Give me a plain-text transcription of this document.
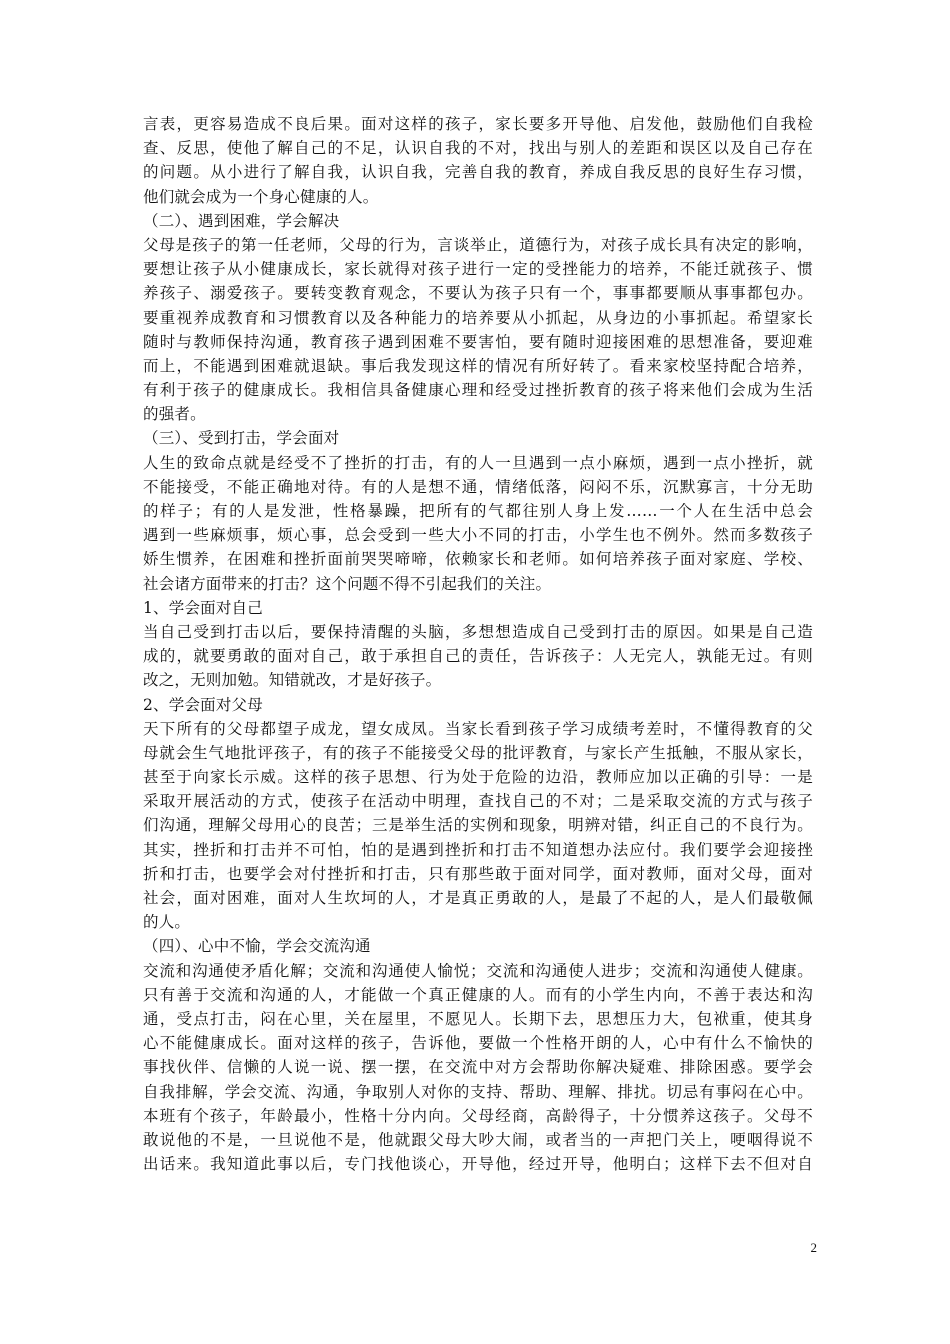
言表，更容易造成不良后果。面对这样的孩子，家长要多开导他、启发他，鼓励他们自我检
查、反思，使他了解自己的不足，认识自我的不对，找出与别人的差距和误区以及自己存在
的问题。从小进行了解自我，认识自我，完善自我的教育，养成自我反思的良好生存习惯，
他们就会成为一个身心健康的人。
（二）、遇到困难，学会解决
父母是孩子的第一任老师，父母的行为，言谈举止，道德行为，对孩子成长具有决定的影响，
要想让孩子从小健康成长，家长就得对孩子进行一定的受挫能力的培养，不能迁就孩子、惯
养孩子、溺爱孩子。要转变教育观念，不要认为孩子只有一个，事事都要顺从事事都包办。
要重视养成教育和习惯教育以及各种能力的培养要从小抓起，从身边的小事抓起。希望家长
随时与教师保持沟通，教育孩子遇到困难不要害怕，要有随时迎接困难的思想准备，要迎难
而上，不能遇到困难就退缺。事后我发现这样的情况有所好转了。看来家校坚持配合培养，
有利于孩子的健康成长。我相信具备健康心理和经受过挫折教育的孩子将来他们会成为生活
的强者。
（三）、受到打击，学会面对
人生的致命点就是经受不了挫折的打击，有的人一旦遇到一点小麻烦，遇到一点小挫折，就
不能接受，不能正确地对待。有的人是想不通，情绪低落，闷闷不乐，沉默寡言，十分无助
的样子；有的人是发泄，性格暴躁，把所有的气都往别人身上发……一个人在生活中总会
遇到一些麻烦事，烦心事，总会受到一些大小不同的打击，小学生也不例外。然而多数孩子
娇生惯养，在困难和挫折面前哭哭啼啼，依赖家长和老师。如何培养孩子面对家庭、学校、
社会诸方面带来的打击？这个问题不得不引起我们的关注。
1、学会面对自己
当自己受到打击以后，要保持清醒的头脑，多想想造成自己受到打击的原因。如果是自己造
成的，就要勇敢的面对自己，敢于承担自己的责任，告诉孩子：人无完人，孰能无过。有则
改之，无则加勉。知错就改，才是好孩子。
2、学会面对父母
天下所有的父母都望子成龙，望女成凤。当家长看到孩子学习成绩考差时，不懂得教育的父
母就会生气地批评孩子，有的孩子不能接受父母的批评教育，与家长产生抵触，不服从家长，
甚至于向家长示威。这样的孩子思想、行为处于危险的边沿，教师应加以正确的引导：一是
采取开展活动的方式，使孩子在活动中明理，查找自己的不对；二是采取交流的方式与孩子
们沟通，理解父母用心的良苦；三是举生活的实例和现象，明辨对错，纠正自己的不良行为。
其实，挫折和打击并不可怕，怕的是遇到挫折和打击不知道想办法应付。我们要学会迎接挫
折和打击，也要学会对付挫折和打击，只有那些敢于面对同学，面对教师，面对父母，面对
社会，面对困难，面对人生坎坷的人，才是真正勇敢的人，是最了不起的人，是人们最敬佩
的人。
（四）、心中不愉，学会交流沟通
交流和沟通使矛盾化解；交流和沟通使人愉悦；交流和沟通使人进步；交流和沟通使人健康。
只有善于交流和沟通的人，才能做一个真正健康的人。而有的小学生内向，不善于表达和沟
通，受点打击，闷在心里，关在屋里，不愿见人。长期下去，思想压力大，包袱重，使其身
心不能健康成长。面对这样的孩子，告诉他，要做一个性格开朗的人，心中有什么不愉快的
事找伙伴、信懒的人说一说、摆一摆，在交流中对方会帮助你解决疑难、排除困惑。要学会
自我排解，学会交流、沟通，争取别人对你的支持、帮助、理解、排扰。切忌有事闷在心中。
本班有个孩子，年龄最小，性格十分内向。父母经商，高龄得子，十分惯养这孩子。父母不
敢说他的不是，一旦说他不是，他就跟父母大吵大闹，或者当的一声把门关上，哽咽得说不
出话来。我知道此事以后，专门找他谈心，开导他，经过开导，他明白；这样下去不但对自
2
